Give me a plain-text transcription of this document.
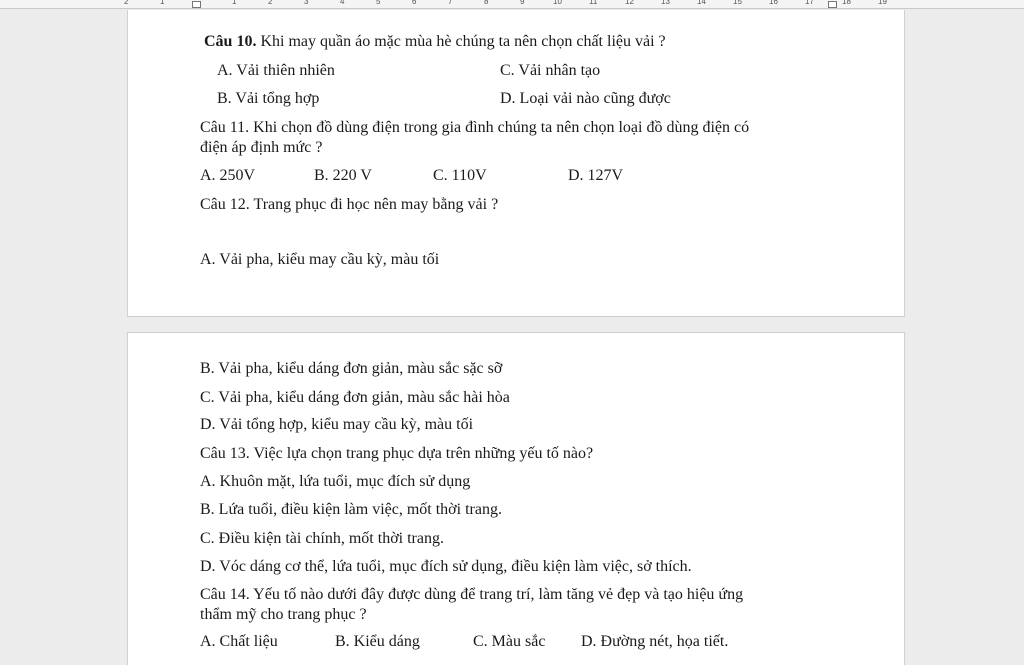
2	1	1	2	3	4	5	6	7	8	9	10	11	12	13	14	15	16	17	18	19
Câu 10. Khi may quần áo mặc mùa hè chúng ta nên chọn chất liệu vải ?
A. Vải thiên nhiên	C. Vải nhân tạo
B. Vải tổng hợp	D. Loại vải nào cũng được
Câu 11. Khi chọn đồ dùng điện trong gia đình chúng ta nên chọn loại đồ dùng điện có
điện áp định mức ?
A. 250V	B. 220 V	C. 110V	D. 127V
Câu 12. Trang phục đi học nên may bằng vải ?
A. Vải pha, kiểu may cầu kỳ, màu tối
B. Vải pha, kiểu dáng đơn giản, màu sắc sặc sỡ
C. Vải pha, kiểu dáng đơn giản, màu sắc hài hòa
D. Vải tổng hợp, kiểu may cầu kỳ, màu tối
Câu 13. Việc lựa chọn trang phục dựa trên những yếu tố nào?
A. Khuôn mặt, lứa tuổi, mục đích sử dụng
B. Lứa tuổi, điều kiện làm việc, mốt thời trang.
C. Điều kiện tài chính, mốt thời trang.
D. Vóc dáng cơ thể, lứa tuổi, mục đích sử dụng, điều kiện làm việc, sở thích.
Câu 14. Yếu tố nào dưới đây được dùng để trang trí, làm tăng vẻ đẹp và tạo hiệu ứng
thẩm mỹ cho trang phục ?
A. Chất liệu	B. Kiểu dáng	C. Màu sắc D. Đường nét, họa tiết.
